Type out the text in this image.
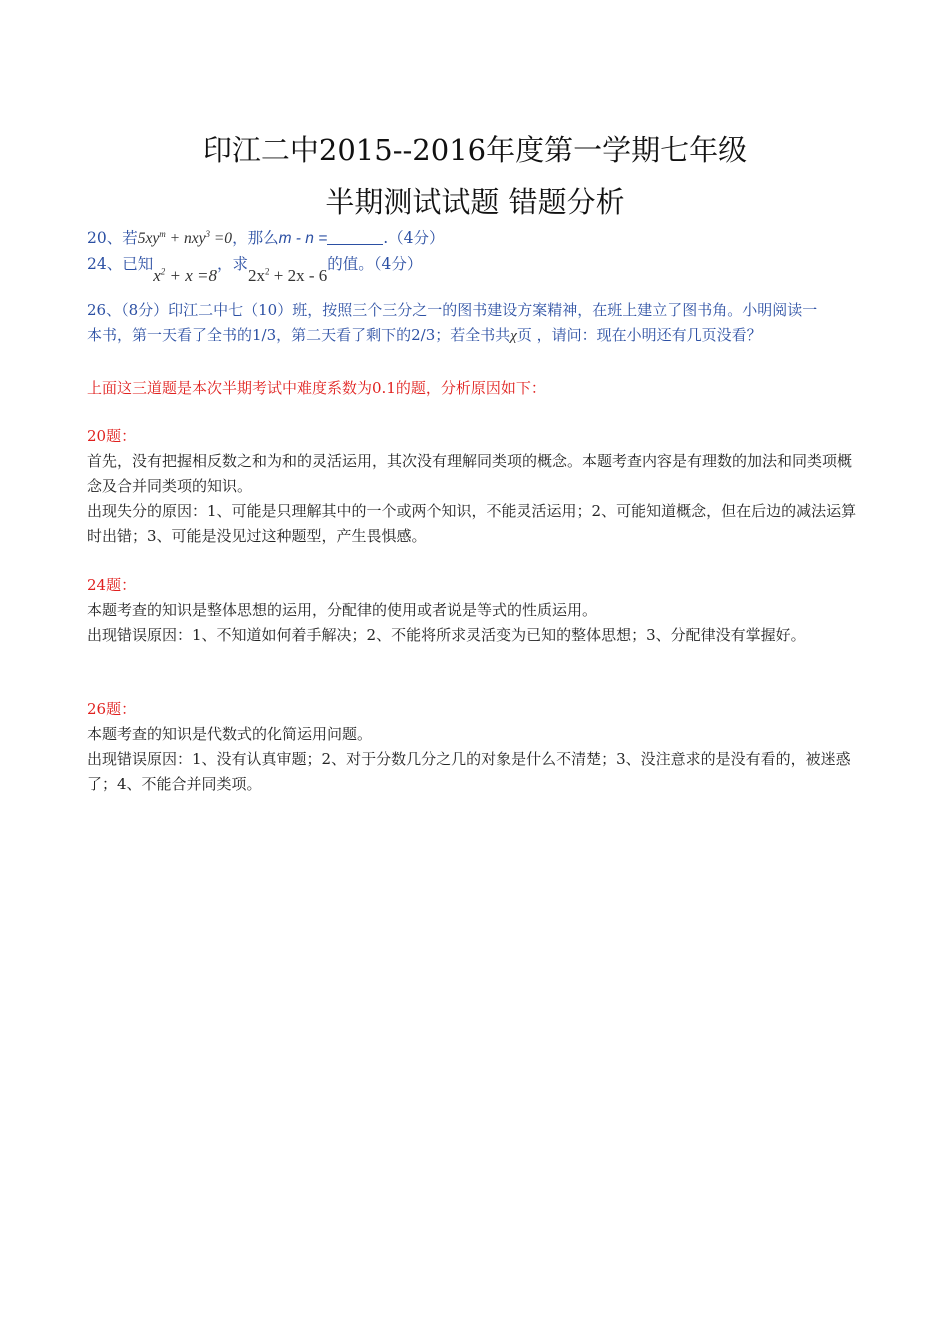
印江二中2015--2016年度第一学期七年级
半期测试试题 错题分析
20、若$5xy^m + nxy^3 =0$，那么m - n =	.（4分）
24、已知$x^2 + x =8$，求$2x^2 + 2x - 6$的值。（4分）
26、（8分）印江二中七（10）班，按照三个三分之一的图书建设方案精神，在班上建立了图书角。小明阅读一
本书，第一天看了全书的1/3，第二天看了剩下的2/3；若全书共χ页 ，请问：现在小明还有几页没看？
上面这三道题是本次半期考试中难度系数为0.1的题，分析原因如下：
20题：
首先，没有把握相反数之和为和的灵活运用，其次没有理解同类项的概念。本题考查内容是有理数的加法和同类项概念及合并同类项的知识。
出现失分的原因：1、可能是只理解其中的一个或两个知识，不能灵活运用；2、可能知道概念，但在后边的减法运算时出错；3、可能是没见过这种题型，产生畏惧感。
24题：
本题考查的知识是整体思想的运用，分配律的使用或者说是等式的性质运用。
出现错误原因：1、不知道如何着手解决；2、不能将所求灵活变为已知的整体思想；3、分配律没有掌握好。
26题：
本题考查的知识是代数式的化简运用问题。
出现错误原因：1、没有认真审题；2、对于分数几分之几的对象是什么不清楚；3、没注意求的是没有看的，被迷惑了；4、不能合并同类项。
